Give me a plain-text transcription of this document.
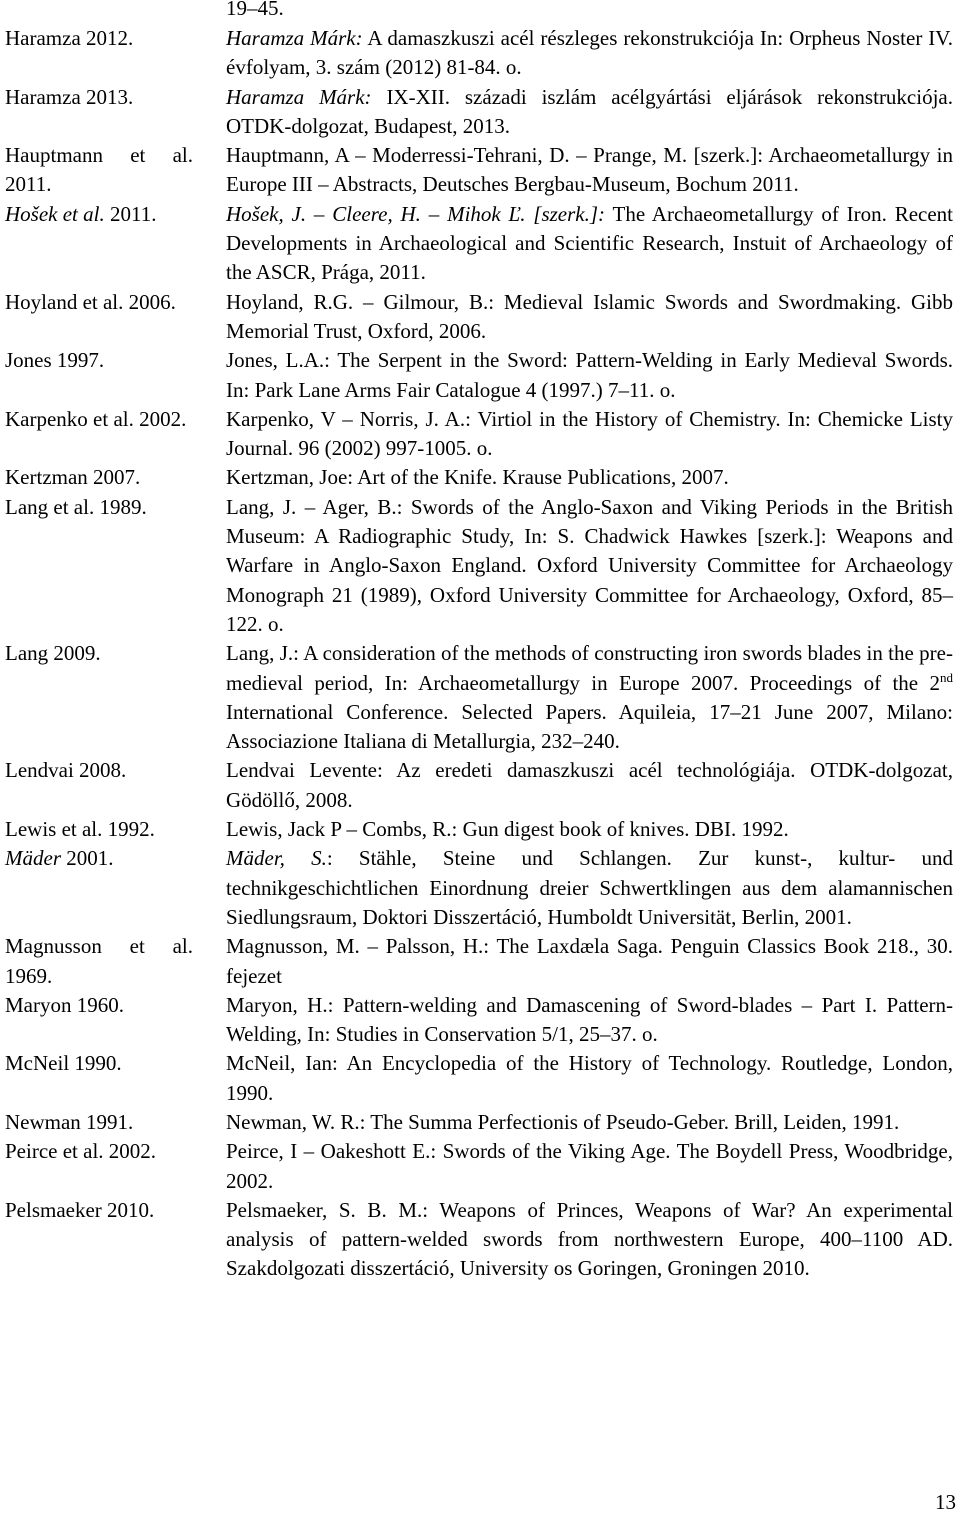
19–45.
Haramza 2012.	Haramza Márk: A damaszkuszi acél részleges rekonstrukciója In: Orpheus Noster IV. évfolyam, 3. szám (2012) 81-84. o.

Haramza 2013.	Haramza Márk: IX-XII. századi iszlám acélgyártási eljárások rekonstrukciója. OTDK-dolgozat, Budapest, 2013.

Hauptmann et al. 2011.	Hauptmann, A – Moderressi-Tehrani, D. – Prange, M. [szerk.]: Archaeometallurgy in Europe III – Abstracts, Deutsches Bergbau-Museum, Bochum 2011.

Hošek et al. 2011.	Hošek, J. – Cleere, H. – Mihok Ľ. [szerk.]: The Archaeometallurgy of Iron. Recent Developments in Archaeological and Scientific Research, Instuit of Archaeology of the ASCR, Prága, 2011.

Hoyland et al. 2006.	Hoyland, R.G. – Gilmour, B.: Medieval Islamic Swords and Swordmaking. Gibb Memorial Trust, Oxford, 2006.

Jones 1997.	Jones, L.A.: The Serpent in the Sword: Pattern-Welding in Early Medieval Swords. In: Park Lane Arms Fair Catalogue 4 (1997.) 7–11. o.

Karpenko et al. 2002.	Karpenko, V – Norris, J. A.: Virtiol in the History of Chemistry. In: Chemicke Listy Journal. 96 (2002) 997-1005. o.

Kertzman 2007.	Kertzman, Joe: Art of the Knife. Krause Publications, 2007.

Lang et al. 1989.	Lang, J. – Ager, B.: Swords of the Anglo-Saxon and Viking Periods in the British Museum: A Radiographic Study, In: S. Chadwick Hawkes [szerk.]: Weapons and Warfare in Anglo-Saxon England. Oxford University Committee for Archaeology Monograph 21 (1989), Oxford University Committee for Archaeology, Oxford, 85–122. o.

Lang 2009.	Lang, J.: A consideration of the methods of constructing iron swords blades in the pre-medieval period, In: Archaeometallurgy in Europe 2007. Proceedings of the 2nd International Conference. Selected Papers. Aquileia, 17–21 June 2007, Milano: Associazione Italiana di Metallurgia, 232–240.

Lendvai 2008.	Lendvai Levente: Az eredeti damaszkuszi acél technológiája. OTDK-dolgozat, Gödöllő, 2008.

Lewis et al. 1992.	Lewis, Jack P – Combs, R.: Gun digest book of knives. DBI. 1992.

Mäder 2001.	Mäder, S.: Stähle, Steine und Schlangen. Zur kunst-, kultur- und technikgeschichtlichen Einordnung dreier Schwertklingen aus dem alamannischen Siedlungsraum, Doktori Disszertáció, Humboldt Universität, Berlin, 2001.

Magnusson et al. 1969.	Magnusson, M. – Palsson, H.: The Laxdæla Saga. Penguin Classics Book 218., 30. fejezet

Maryon 1960.	Maryon, H.: Pattern-welding and Damascening of Sword-blades – Part I. Pattern-Welding, In: Studies in Conservation 5/1, 25–37. o.

McNeil 1990.	McNeil, Ian: An Encyclopedia of the History of Technology. Routledge, London, 1990.

Newman 1991.	Newman, W. R.: The Summa Perfectionis of Pseudo-Geber. Brill, Leiden, 1991.

Peirce et al. 2002.	Peirce, I – Oakeshott E.: Swords of the Viking Age. The Boydell Press, Woodbridge, 2002.

Pelsmaeker 2010.	Pelsmaeker, S. B. M.: Weapons of Princes, Weapons of War? An experimental analysis of pattern-welded swords from northwestern Europe, 400–1100 AD. Szakdolgozati disszertáció, University os Goringen, Groningen 2010.
13
